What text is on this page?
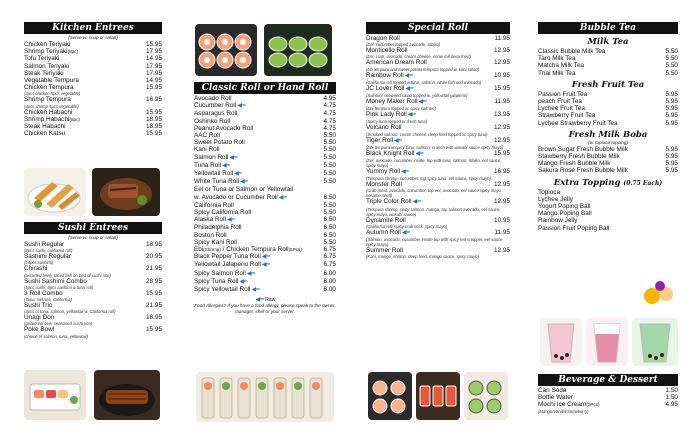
Kitchen Entrees
(Serve w. soup or salad)
Chicken Teriyaki	15.95
Shrimp Teriyaki(8pc)	17.95
Tofu Teriyaki	14.95
Salmon Teriyaki	17.95
Steak Teriyaki	17.95
Vegetable Tempura	14.95
Chicken Tempura	15.95
(3pcs chicken 5pcs vegetable)
Shrimp Tempura	16.95
(4pcs shrimp 5pcs vegetable)
Chicken Habachi	15.95
Shrimp Habachi(8pc)	18.95
Steak Habachi	18.95
Chicken Katsu	15.95
Sushi Entrees
(Serve w. soup or salad)
Sushi Regular	18.95
(8pcs sushi, california roll)
Sashimi Regular	20.95
(14pcs sashimi)
Chirashi	21.95
(assorted finely sliced fish on bed of sushi rice)
Sushi Sashimi Combo	28.95
(5pcs sushi, 8pcs sashimi & tuna roll)
3 Roll Combo	15.95
(Tuna, salmon, California)
Sushi Trio	21.95
(4pcs of tuna, salmon, yellowtail w. California roll)
Unagi Don	18.95
(grilled eel over seasoned sushi rice)
Poke Bowl	15.95
(choice of salmon, tuna, yellowtail)
Classic Roll or Hand Roll
Avocado Roll	4.95
Cucumber Roll◀━	4.75
Asparagus Roll	4.75
Oshinko Roll	4.75
Peanut Avocado Roll	4.75
AAC Roll	5.50
Sweet Potato Roll	5.50
Kani Roll	5.50
Salmon Roll◀━	5.50
Tuna Roll◀━	5.50
Yellowtail Roll◀━	5.50
White Tuna Roll◀━	5.50
Eel or Tuna or Salmon or Yellowtail
w. Avocado or Cucumber Roll◀━	6.50
California Roll	5.50
Spicy California Roll	5.50
Alaska Roll◀━	6.50
Philadelphia Roll	6.50
Boston Roll	6.50
Spicy Kani Roll	5.50
Ebi(Shrimp) / Chicken Tempura Roll(5Pcs)	6.75
Black Pepper Tuna Roll◀━	6.75
Yellowtail Jalapeno Roll◀━	6.75
Spicy Salmon Roll◀━	6.00
Spicy Tuna Roll◀━	6.00
Spicy Yellowtail Roll◀━	6.00
◀━ Raw
Food Allergies? If you have a food allergy, please speak to the owner, manager, chef or your server.
Special Roll
Dragon Roll	11.95
(Eel, cucumber topped avocado, tobiko)
Monticello Roll	12.95
(Eel, crab, avocado, cream cheese, snow roll deep fried)
American Dream Roll	12.95
(Eb tempura and sweet potato tempura topped w. kani salad)
Rainbow Roll◀━	10.95
(California roll topped w.tuna, salmon, white fish and avocado)
JC Lover Roll◀━	15.95
(Salmon/ seaweed salad topped w. yellowtail jalapeno)
Money Maker Roll◀━	11.95
(Ebi tempura topped w. spicy salmon)
Pink Lady Roll◀━	13.95
(Spicy tuna topped w. fresh tuna)
Volcano Roll	12.95
(Smoked salmon, cream cheese, deep fried topped w. spicy tuna)
Tiger Roll◀━	12.95
(Ebi tempura w.spicy tuna, salmon, crunch with wasabi sauce spicy mayo)
Black Knight Roll◀━	15.95
(Eel, avocado, cucumber inside, top with tuna, salmon, tobiko, eel sauce, spicy mayo)
Yummy Roll◀━	16.95
(Tempura shrimp, cucumber, top spicy tuna, eel sauce, spicy mayo)
Monster Roll	12.95
(Crab meat, avocado, cucumber, top eel, avocado, eel sauce spicy mayo sesame seed)
Triple Color Roll◀━	12.95
(Tempura shrimp, spicy salmon, mango, top salmon avocado, eel sauce, spicy mayo, wasabi sauce)
Dynamite Roll	10.95
(California roll/ spicy crab stick, spicy mayo)
Autumn Roll◀━	11.95
(Salmon, avocado, cucumber inside top with spicy red snapper, eel sauce spicy mayo)
Summer Roll	12.95
(Kani, mango, shrimp, deep fried, mango sauce, spicy mayo)
Bubble Tea
Milk Tea
Classic Bubble Milk Tea	5.50
Taro Milk Tea	5.50
Matcha Milk Tea	5.50
Thai Milk Tea	5.50
Fresh Fruit Tea
Passion Fruit Tea	5.95
peach Fruit Tea	5.95
Lychee Fruit Tea	5.95
Strawberry Fruit Tea	5.95
Lychee Strawberry Fruit Tea	5.95
Fresh Milk Boba
(w. topioca topping)
Brown Sugar Fresh Bubble Milk	5.95
Stawberry Fresh Bubble Milk	5.95
Mango Fresh Bubble Milk	5.95
Sakura Rose Fresh Bubble Milk	5.95
Extra Topping (0.75 Each)
Topioca
Lychee Jelly
Yogurt Poping Ball
Mango Poping Ball
Rainbow Jelly
Passion Fruit Poping Ball
Beverage & Dessert
Can Soda	1.50
Bottle Water	1.50
Mochi Ice Cream(2Pcs)	4.95
(Mango/Vanilla/Strawberry)
